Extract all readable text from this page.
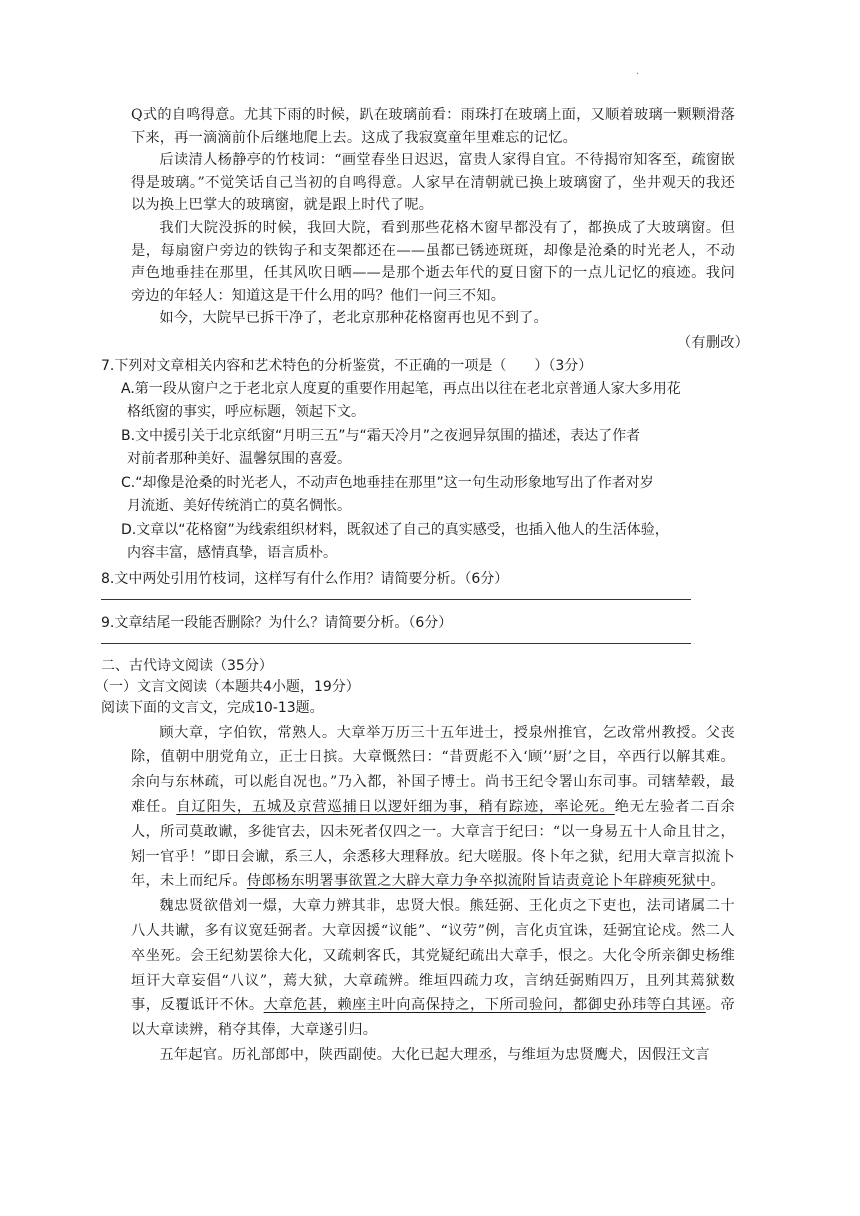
.

Q式的自鸣得意。尤其下雨的时候，趴在玻璃前看：雨珠打在玻璃上面，又顺着玻璃一颗颗滑落下来，再一滴滴前仆后继地爬上去。这成了我寂寞童年里难忘的记忆。

后读清人杨静亭的竹枝词：“画堂春坐日迟迟，富贵人家得自宜。不待揭帘知客至，疏窗嵌得是玻璃。”不觉笑话自己当初的自鸣得意。人家早在清朝就已换上玻璃窗了，坐井观天的我还以为换上巴掌大的玻璃窗，就是跟上时代了呢。

我们大院没拆的时候，我回大院，看到那些花格木窗早都没有了，都换成了大玻璃窗。但是，每扇窗户旁边的铁钩子和支架都还在——虽都已锈迹斑斑，却像是沧桑的时光老人，不动声色地垂挂在那里，任其风吹日晒——是那个逝去年代的夏日窗下的一点儿记忆的痕迹。我问旁边的年轻人：知道这是干什么用的吗？他们一问三不知。

如今，大院早已拆干净了，老北京那种花格窗再也见不到了。

（有删改）

7.下列对文章相关内容和艺术特色的分析鉴赏，不正确的一项是（　　）（3分）

A.第一段从窗户之于老北京人度夏的重要作用起笔，再点出以往在老北京普通人家大多用花
格纸窗的事实，呼应标题，领起下文。
B.文中援引关于北京纸窗“月明三五”与“霜天冷月”之夜迥异氛围的描述，表达了作者
对前者那种美好、温馨氛围的喜爱。
C.“却像是沧桑的时光老人，不动声色地垂挂在那里”这一句生动形象地写出了作者对岁
月流逝、美好传统消亡的莫名惆怅。
D.文章以“花格窗”为线索组织材料，既叙述了自己的真实感受，也插入他人的生活体验，
内容丰富，感情真挚，语言质朴。

8.文中两处引用竹枝词，这样写有什么作用？请简要分析。（6分）

9.文章结尾一段能否删除？为什么？请简要分析。（6分）

二、古代诗文阅读（35分）

（一）文言文阅读（本题共4小题，19分）

阅读下面的文言文，完成10-13题。

顾大章，字伯钦，常熟人。大章举万历三十五年进士，授泉州推官，乞改常州教授。父丧除，值朝中朋党角立，正士日摈。大章慨然曰：“昔贾彪不入‘顾’‘厨’之目，卒西行以解其难。余向与东林疏，可以彪自况也。”乃入都，补国子博士。尚书王纪令署山东司事。司辖辇毂，最难任。自辽阳失，五城及京营巡捕日以逻奸细为事，稍有踪迹，率论死。绝无左验者二百余人，所司莫敢谳，多徙官去，囚未死者仅四之一。大章言于纪曰：“以一身易五十人命且甘之，矧一官乎！”即日会谳，系三人，余悉移大理释放。纪大嗟服。佟卜年之狱，纪用大章言拟流卜年，未上而纪斥。侍郎杨东明署事欲置之大辟大章力争卒拟流附旨诘责竟论卜年辟瘐死狱中。

魏忠贤欲借刘一燝，大章力辨其非，忠贤大恨。熊廷弼、王化贞之下吏也，法司诸属二十八人共谳，多有议宽廷弼者。大章因援“议能”、“议劳”例，言化贞宜诛，廷弼宜论戍。然二人卒坐死。会王纪劾罢徐大化，又疏刺客氏，其党疑纪疏出大章手，恨之。大化令所亲御史杨维垣讦大章妄倡“八议”，蔫大狱，大章疏辨。维垣四疏力攻，言纳廷弼贿四万，且列其蔫狱数事，反覆诋讦不休。大章危甚，赖座主叶向高保持之，下所司验问，都御史孙玮等白其诬。帝以大章读辨，稍夺其俸，大章遂引归。

五年起官。历礼部郎中，陕西副使。大化已起大理丞，与维垣为忠贤鹰犬，因假汪文言
